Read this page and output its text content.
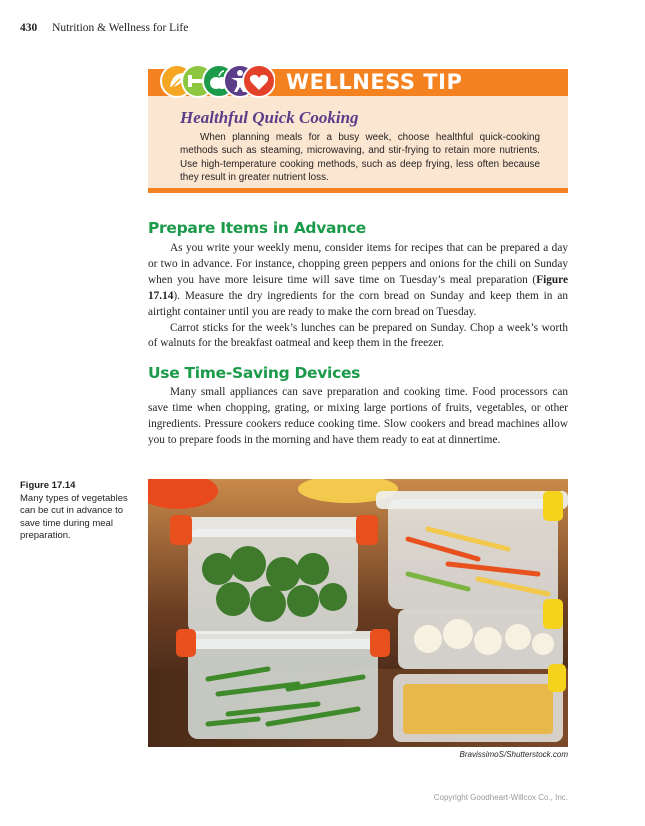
430 Nutrition & Wellness for Life
WELLNESS TIP
Healthful Quick Cooking
When planning meals for a busy week, choose healthful quick-cooking methods such as steaming, microwaving, and stir-frying to retain more nutrients. Use high-temperature cooking methods, such as deep frying, less often because they result in greater nutrient loss.
Prepare Items in Advance

As you write your weekly menu, consider items for recipes that can be prepared a day or two in advance. For instance, chopping green peppers and onions for the chili on Sunday when you have more leisure time will save time on Tuesday’s meal preparation (Figure 17.14). Measure the dry ingredients for the corn bread on Sunday and keep them in an airtight container until you are ready to make the corn bread on Tuesday.

Carrot sticks for the week’s lunches can be prepared on Sunday. Chop a week’s worth of walnuts for the breakfast oatmeal and keep them in the freezer.

Use Time-Saving Devices

Many small appliances can save preparation and cooking time. Food processors can save time when chopping, grating, or mixing large portions of fruits, vegetables, or other ingredients. Pressure cookers reduce cooking time. Slow cookers and bread machines allow you to prepare foods in the morning and have them ready to eat at dinnertime.

Figure 17.14
Many types of vegetables can be cut in advance to save time during meal preparation.
BravissimoS/Shutterstock.com
Copyright Goodheart-Willcox Co., Inc.
